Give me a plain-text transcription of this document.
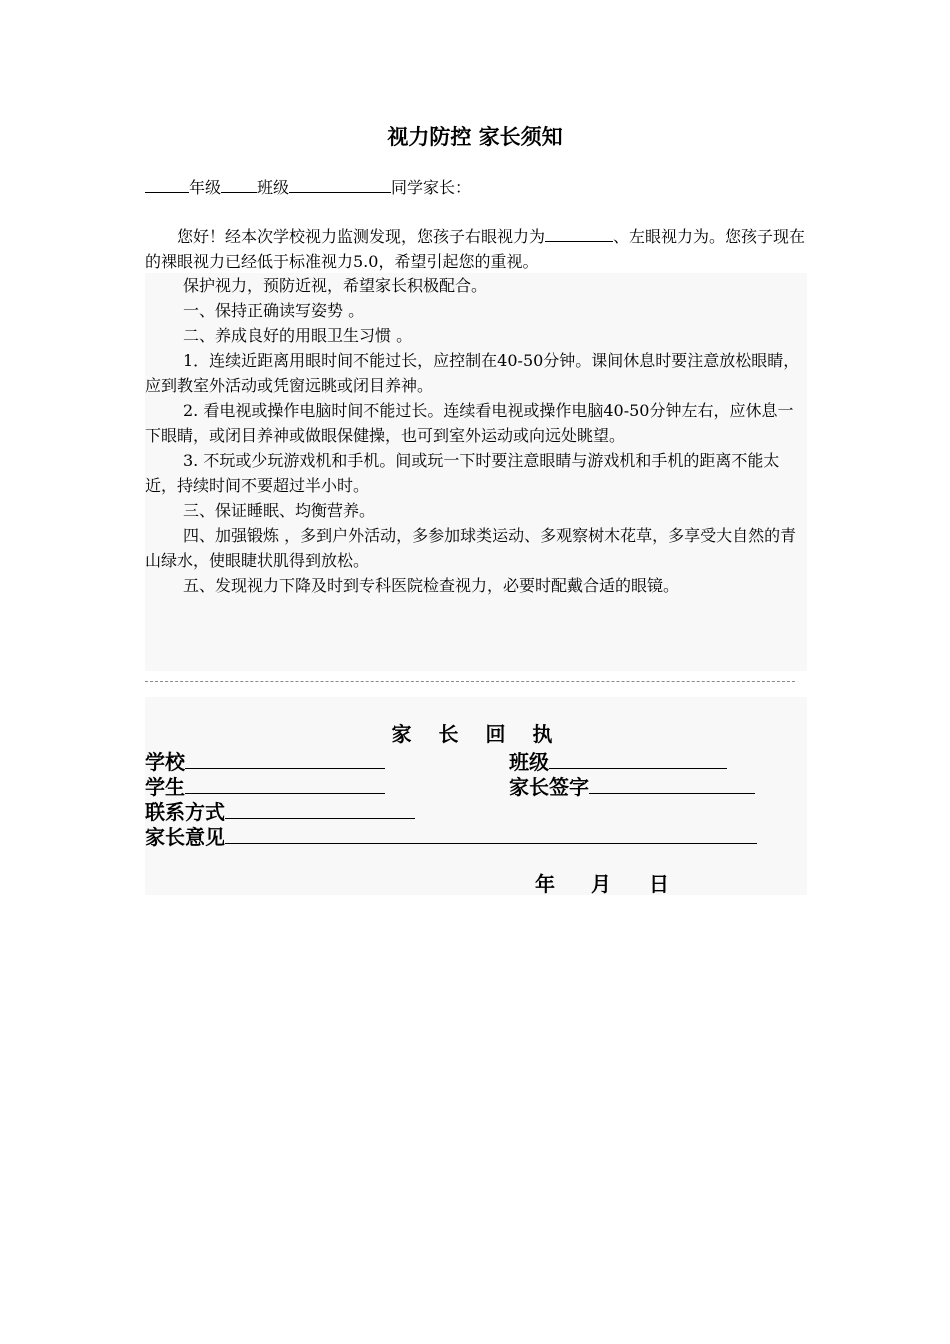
视力防控 家长须知
年级 班级	同学家长：
您好！经本次学校视力监测发现，您孩子右眼视力为	、左眼视力为。您孩子现在的裸眼视力已经低于标准视力5.0，希望引起您的重视。

保护视力，预防近视，希望家长积极配合。

一、保持正确读写姿势 。

二、养成良好的用眼卫生习惯 。

1．连续近距离用眼时间不能过长，应控制在40-50分钟。课间休息时要注意放松眼睛，应到教室外活动或凭窗远眺或闭目养神。

2. 看电视或操作电脑时间不能过长。连续看电视或操作电脑40-50分钟左右，应休息一下眼睛，或闭目养神或做眼保健操，也可到室外运动或向远处眺望。

3. 不玩或少玩游戏机和手机。间或玩一下时要注意眼睛与游戏机和手机的距离不能太近，持续时间不要超过半小时。

三、保证睡眠、均衡营养。

四、加强锻炼 ，多到户外活动，多参加球类运动、多观察树木花草，多享受大自然的青山绿水，使眼睫状肌得到放松。

五、发现视力下降及时到专科医院检查视力，必要时配戴合适的眼镜。

家 长 回 执
学校	班级
学生	家长签字
联系方式
家长意见
年 月 日
